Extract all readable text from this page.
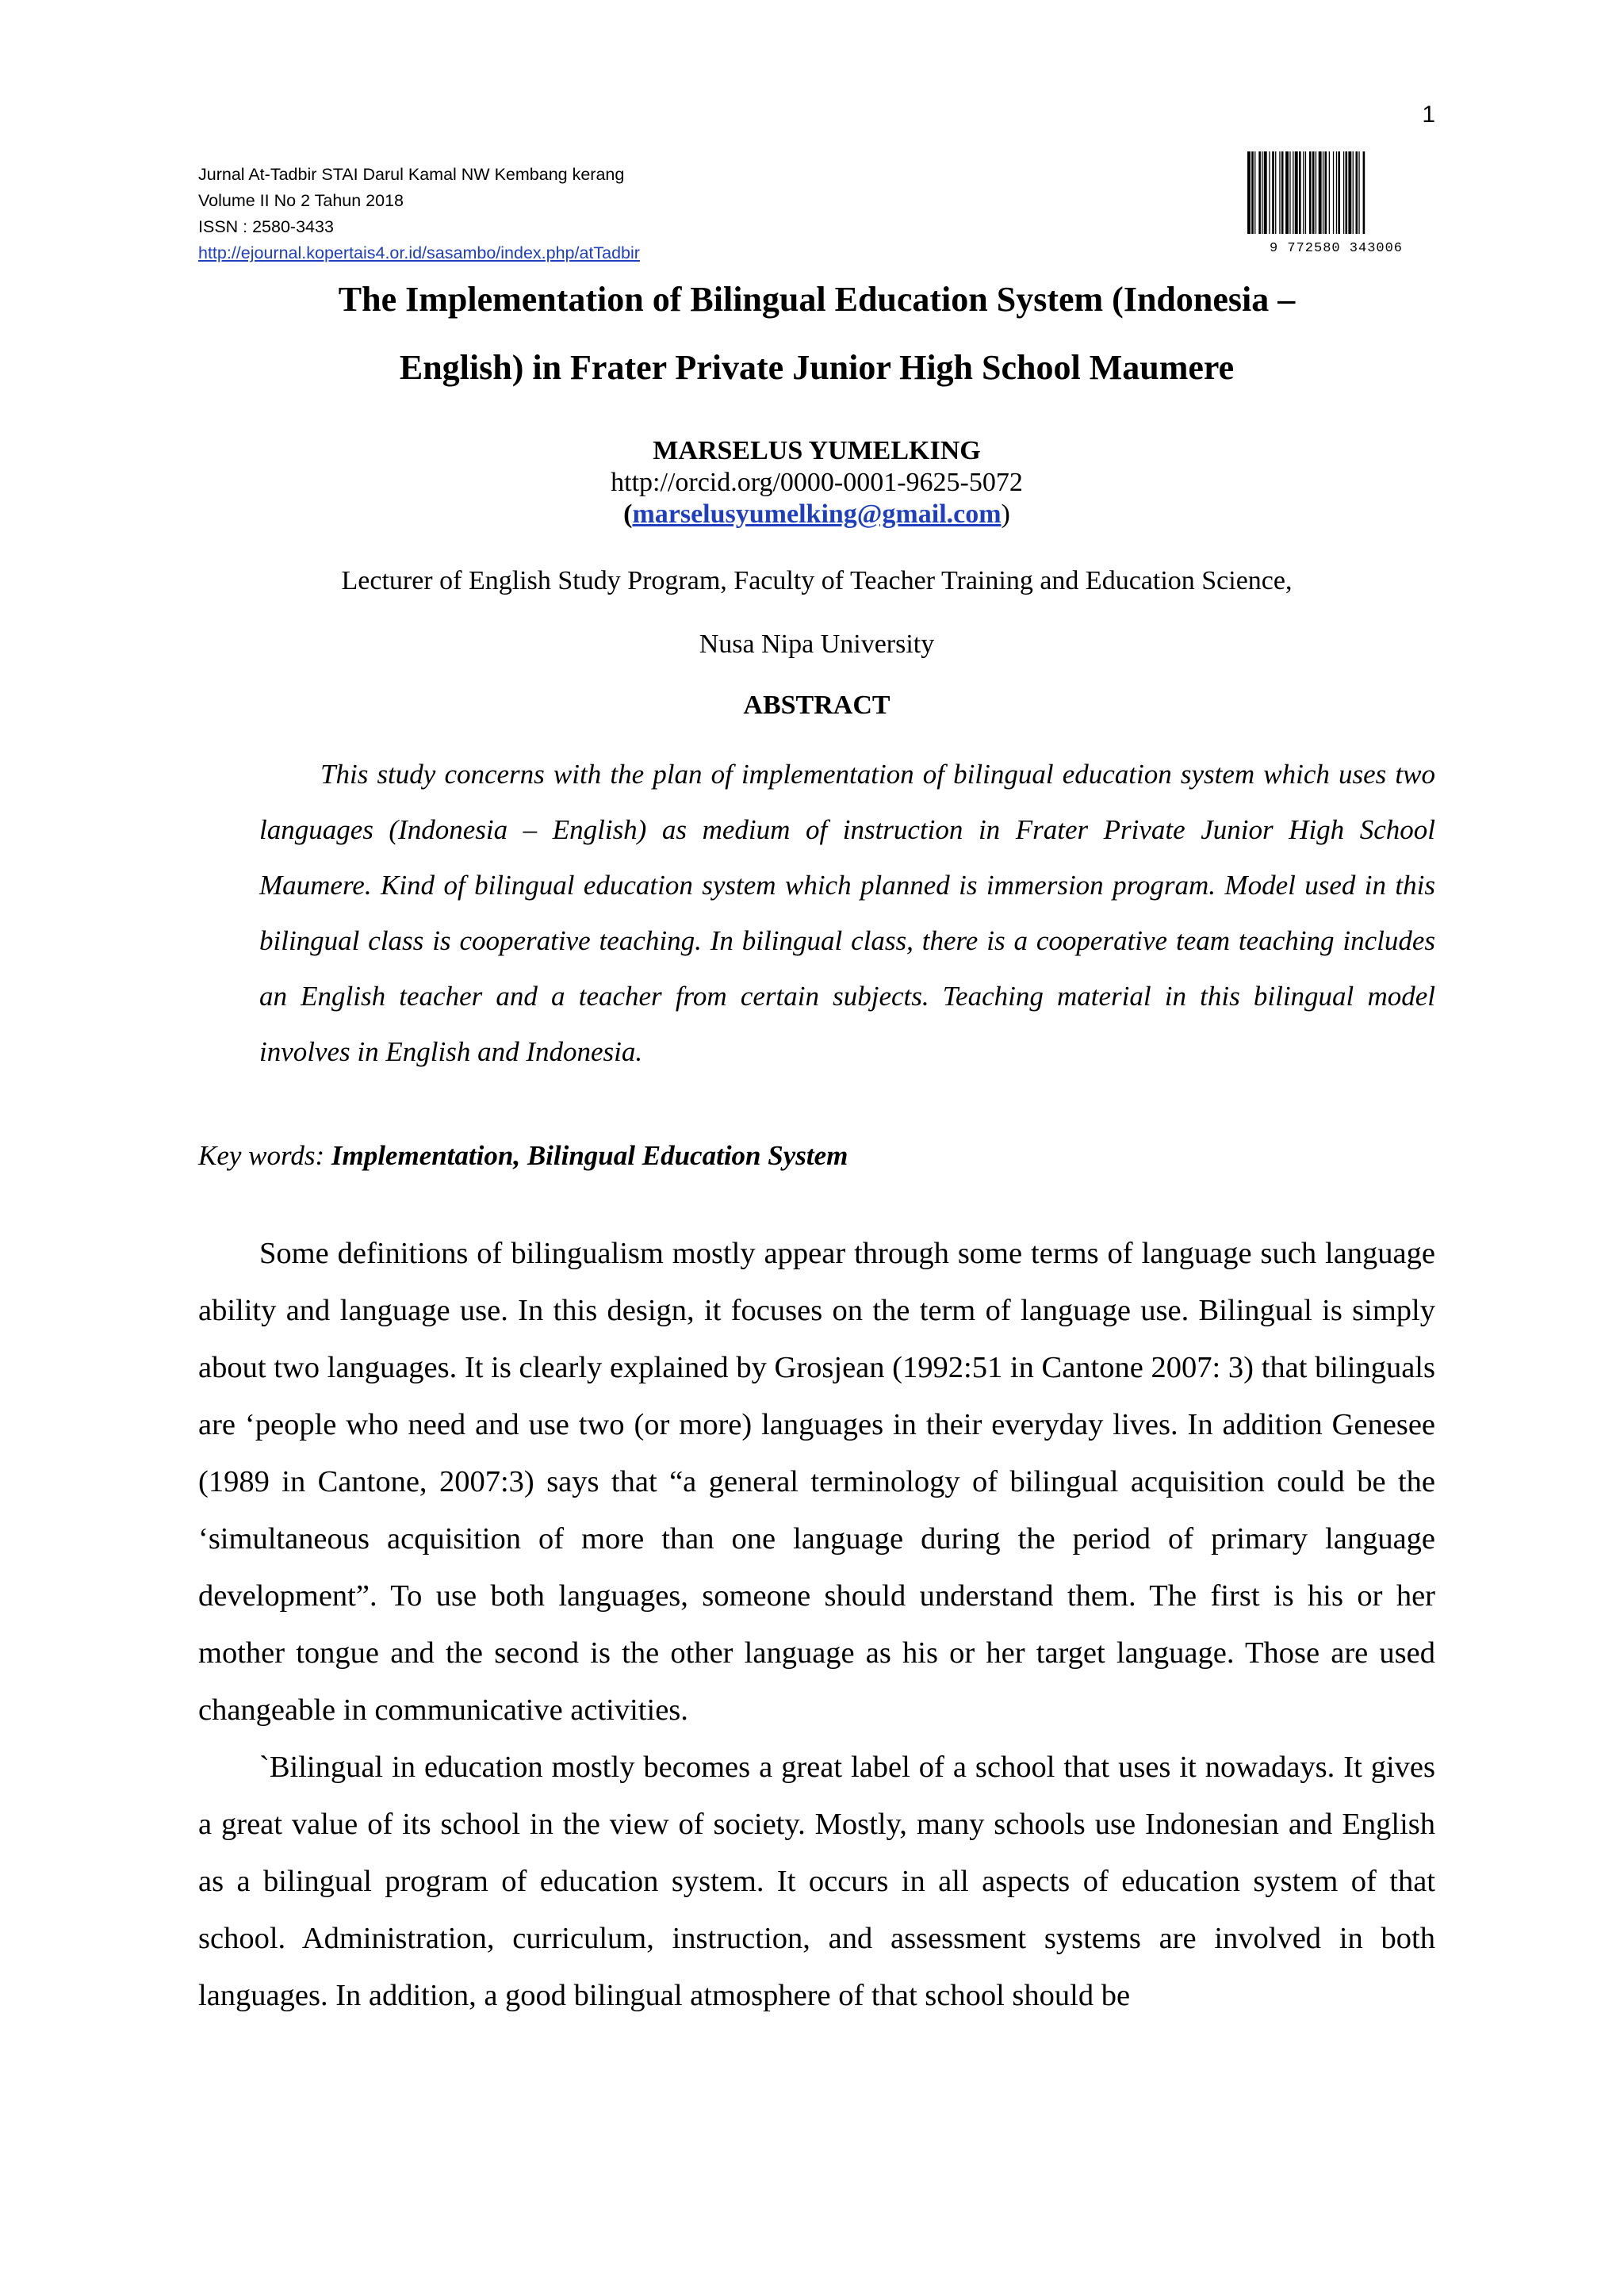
1
Jurnal At-Tadbir STAI Darul Kamal NW Kembang kerang
Volume II No 2 Tahun 2018
ISSN : 2580-3433
http://ejournal.kopertais4.or.id/sasambo/index.php/atTadbir	9 772580 343006
The Implementation of Bilingual Education System (Indonesia –
English) in Frater Private Junior High School Maumere
MARSELUS YUMELKING
http://orcid.org/0000-0001-9625-5072
(marselusyumelking@gmail.com)
Lecturer of English Study Program, Faculty of Teacher Training and Education Science,
Nusa Nipa University
ABSTRACT

This study concerns with the plan of implementation of bilingual education system which uses two languages (Indonesia – English) as medium of instruction in Frater Private Junior High School Maumere. Kind of bilingual education system which planned is immersion program. Model used in this bilingual class is cooperative teaching. In bilingual class, there is a cooperative team teaching includes an English teacher and a teacher from certain subjects. Teaching material in this bilingual model involves in English and Indonesia.

Key words: Implementation, Bilingual Education System

Some definitions of bilingualism mostly appear through some terms of language such language ability and language use. In this design, it focuses on the term of language use. Bilingual is simply about two languages. It is clearly explained by Grosjean (1992:51 in Cantone 2007: 3) that bilinguals are ‘people who need and use two (or more) languages in their everyday lives. In addition Genesee (1989 in Cantone, 2007:3) says that “a general terminology of bilingual acquisition could be the ‘simultaneous acquisition of more than one language during the period of primary language development”. To use both languages, someone should understand them. The first is his or her mother tongue and the second is the other language as his or her target language. Those are used changeable in communicative activities.

`Bilingual in education mostly becomes a great label of a school that uses it nowadays. It gives a great value of its school in the view of society. Mostly, many schools use Indonesian and English as a bilingual program of education system. It occurs in all aspects of education system of that school. Administration, curriculum, instruction, and assessment systems are involved in both languages. In addition, a good bilingual atmosphere of that school should be
